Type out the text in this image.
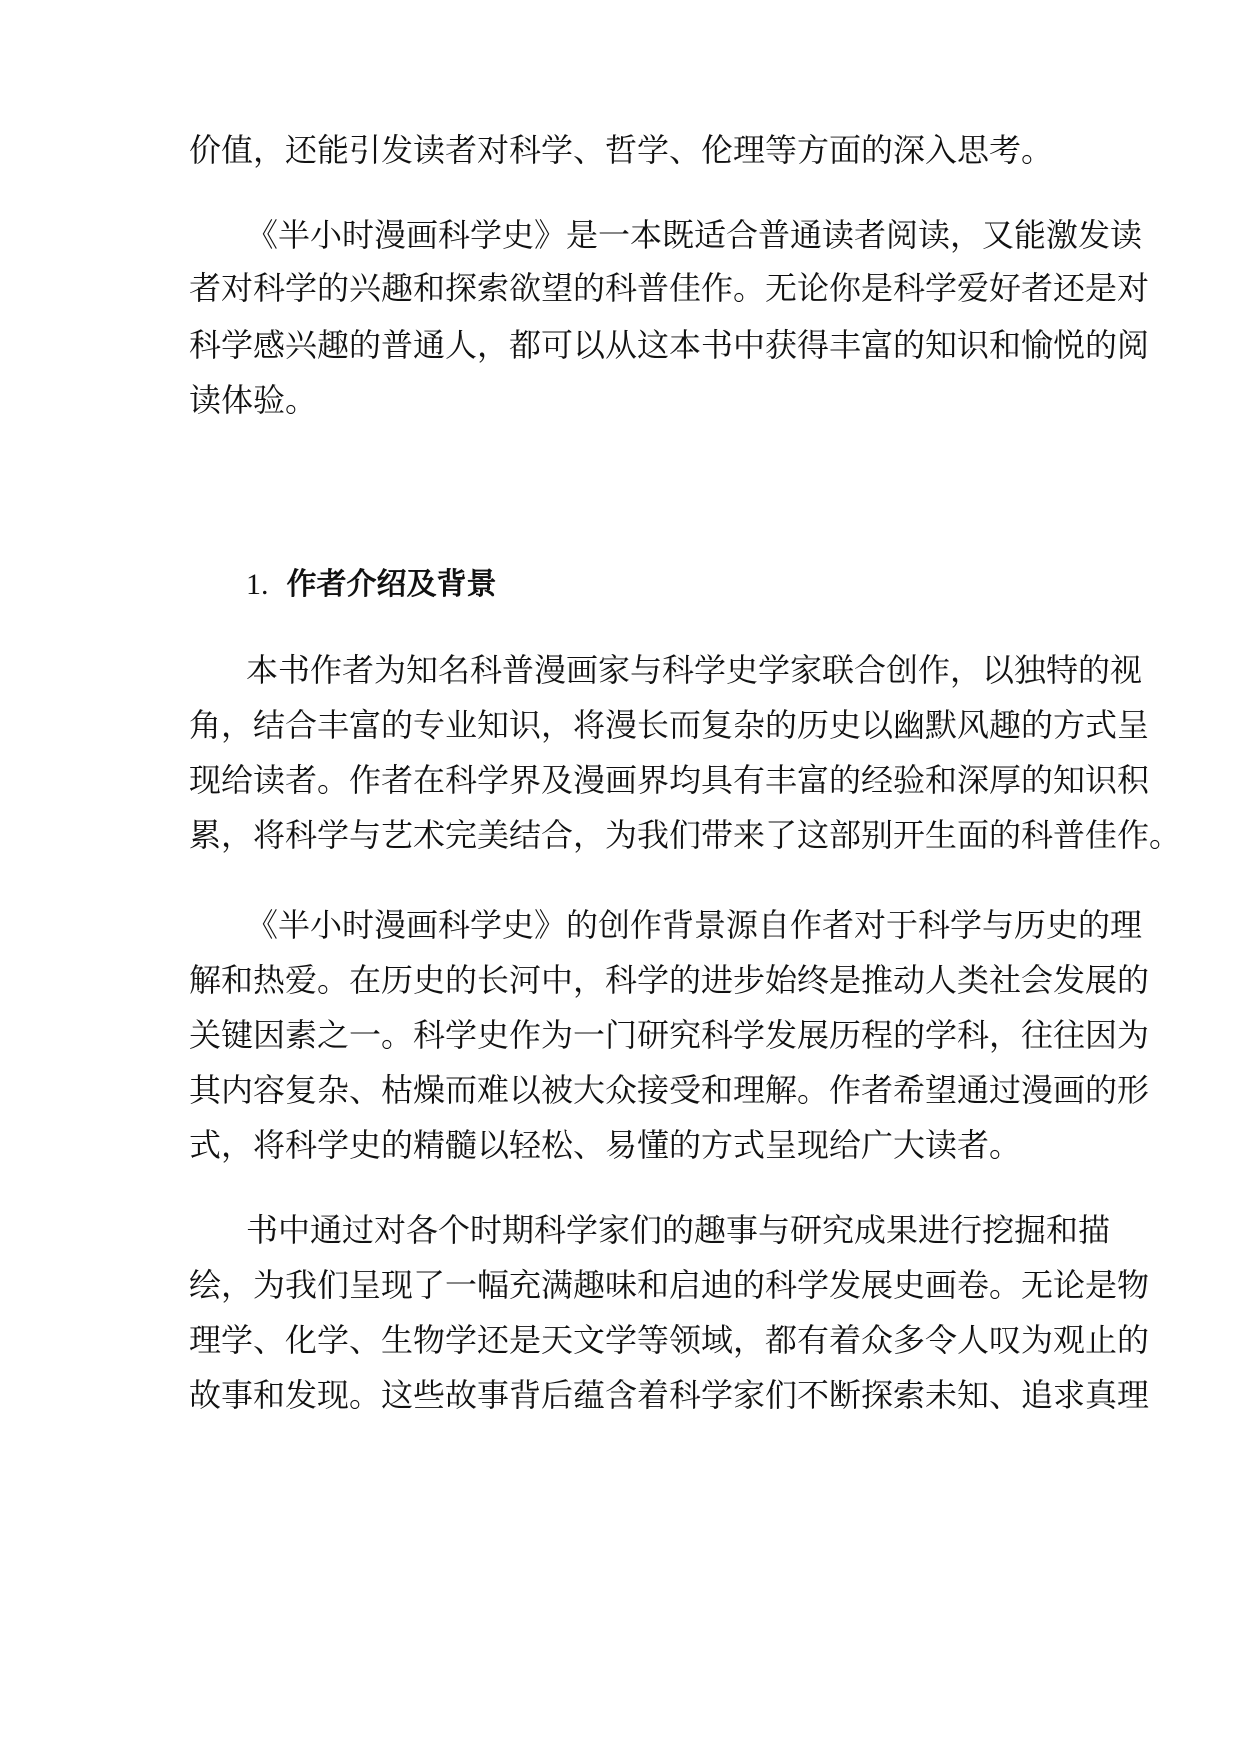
价值，还能引发读者对科学、哲学、伦理等方面的深入思考。
《半小时漫画科学史》是一本既适合普通读者阅读，又能激发读
者对科学的兴趣和探索欲望的科普佳作。无论你是科学爱好者还是对
科学感兴趣的普通人，都可以从这本书中获得丰富的知识和愉悦的阅
读体验。
1. 作者介绍及背景
本书作者为知名科普漫画家与科学史学家联合创作，以独特的视
角，结合丰富的专业知识，将漫长而复杂的历史以幽默风趣的方式呈
现给读者。作者在科学界及漫画界均具有丰富的经验和深厚的知识积
累，将科学与艺术完美结合，为我们带来了这部别开生面的科普佳作。
《半小时漫画科学史》的创作背景源自作者对于科学与历史的理
解和热爱。在历史的长河中，科学的进步始终是推动人类社会发展的
关键因素之一。科学史作为一门研究科学发展历程的学科，往往因为
其内容复杂、枯燥而难以被大众接受和理解。作者希望通过漫画的形
式，将科学史的精髓以轻松、易懂的方式呈现给广大读者。
书中通过对各个时期科学家们的趣事与研究成果进行挖掘和描
绘，为我们呈现了一幅充满趣味和启迪的科学发展史画卷。无论是物
理学、化学、生物学还是天文学等领域，都有着众多令人叹为观止的
故事和发现。这些故事背后蕴含着科学家们不断探索未知、追求真理
